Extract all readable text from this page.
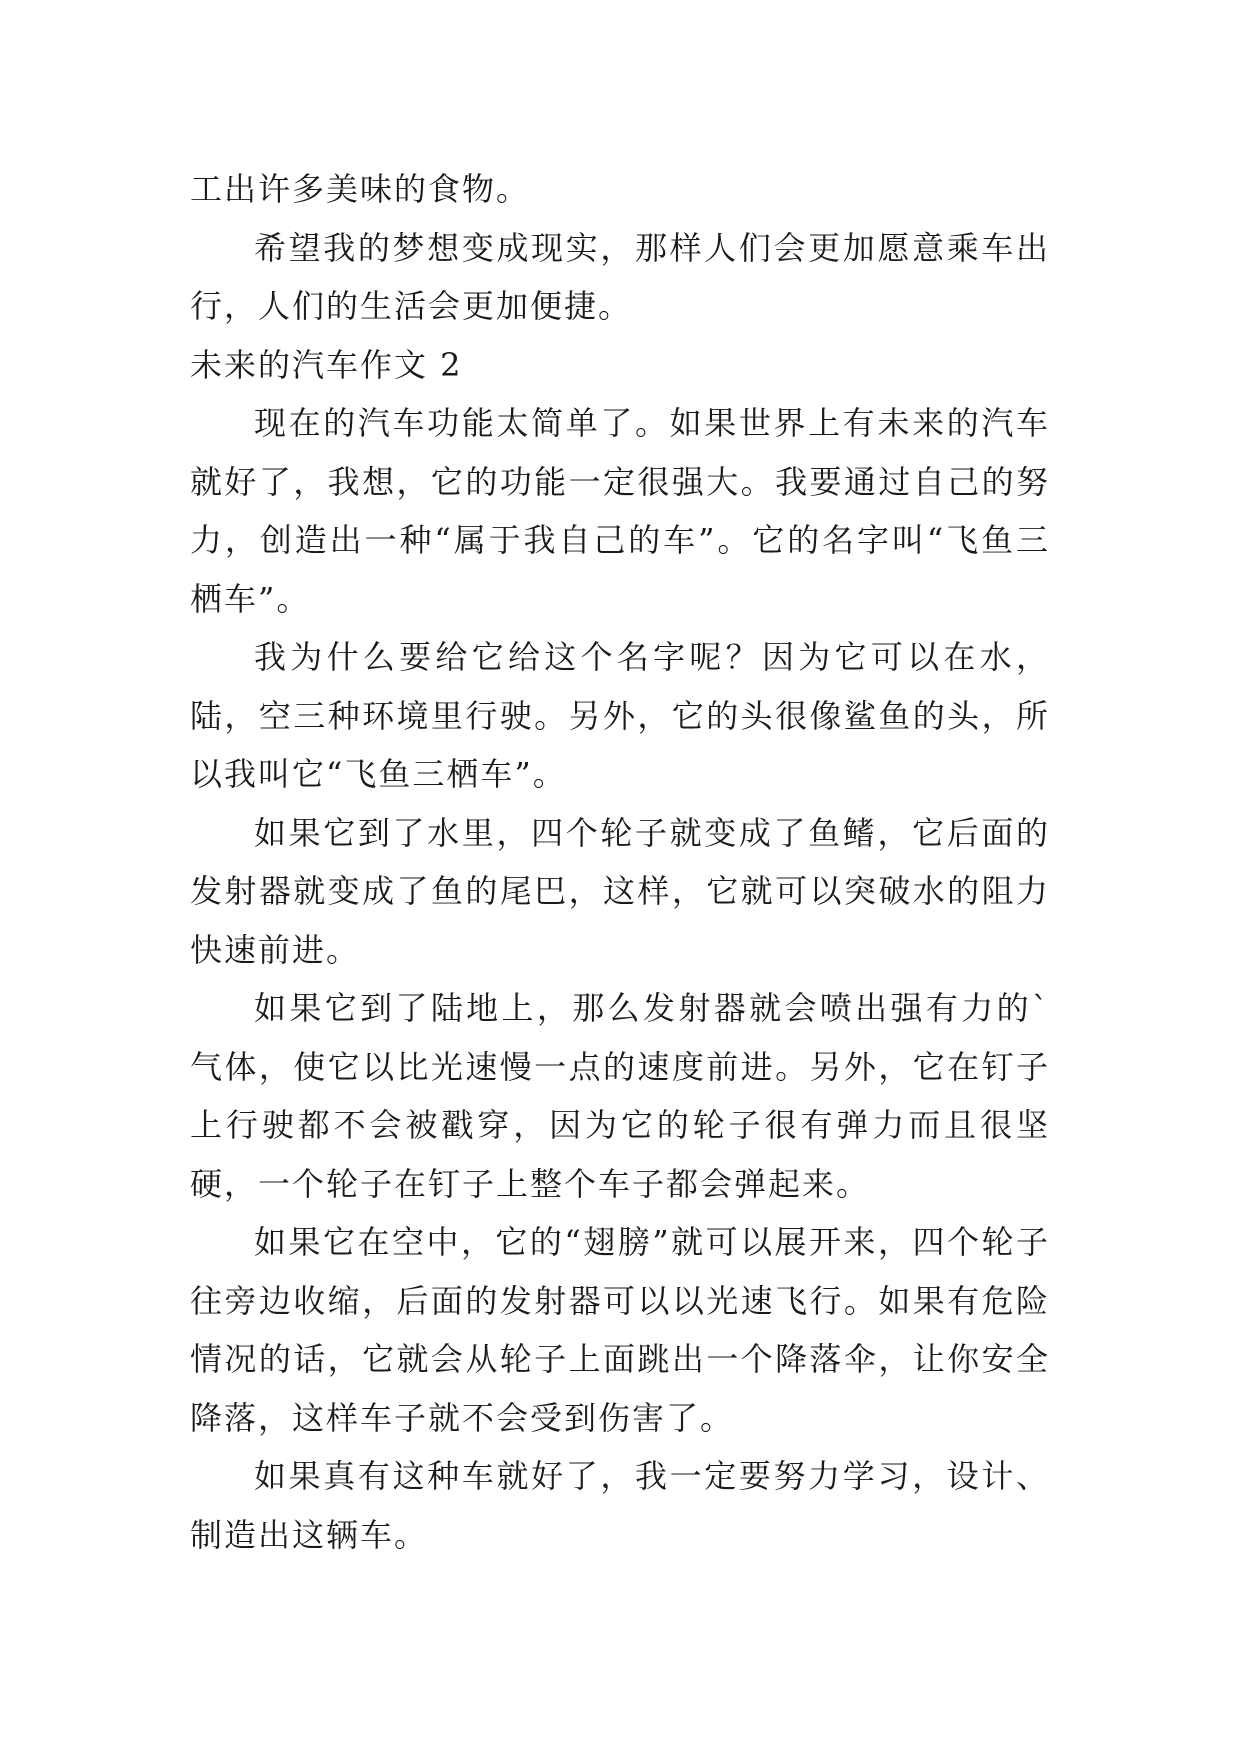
工出许多美味的食物。

希望我的梦想变成现实，那样人们会更加愿意乘车出行，人们的生活会更加便捷。

未来的汽车作文 2

现在的汽车功能太简单了。如果世界上有未来的汽车就好了，我想，它的功能一定很强大。我要通过自己的努力，创造出一种“属于我自己的车”。它的名字叫“飞鱼三栖车”。

我为什么要给它给这个名字呢？因为它可以在水，陆，空三种环境里行驶。另外，它的头很像鲨鱼的头，所以我叫它“飞鱼三栖车”。

如果它到了水里，四个轮子就变成了鱼鳍，它后面的发射器就变成了鱼的尾巴，这样，它就可以突破水的阻力快速前进。

如果它到了陆地上，那么发射器就会喷出强有力的`气体，使它以比光速慢一点的速度前进。另外，它在钉子上行驶都不会被戳穿，因为它的轮子很有弹力而且很坚硬，一个轮子在钉子上整个车子都会弹起来。

如果它在空中，它的“翅膀”就可以展开来，四个轮子往旁边收缩，后面的发射器可以以光速飞行。如果有危险情况的话，它就会从轮子上面跳出一个降落伞，让你安全降落，这样车子就不会受到伤害了。

如果真有这种车就好了，我一定要努力学习，设计、制造出这辆车。
